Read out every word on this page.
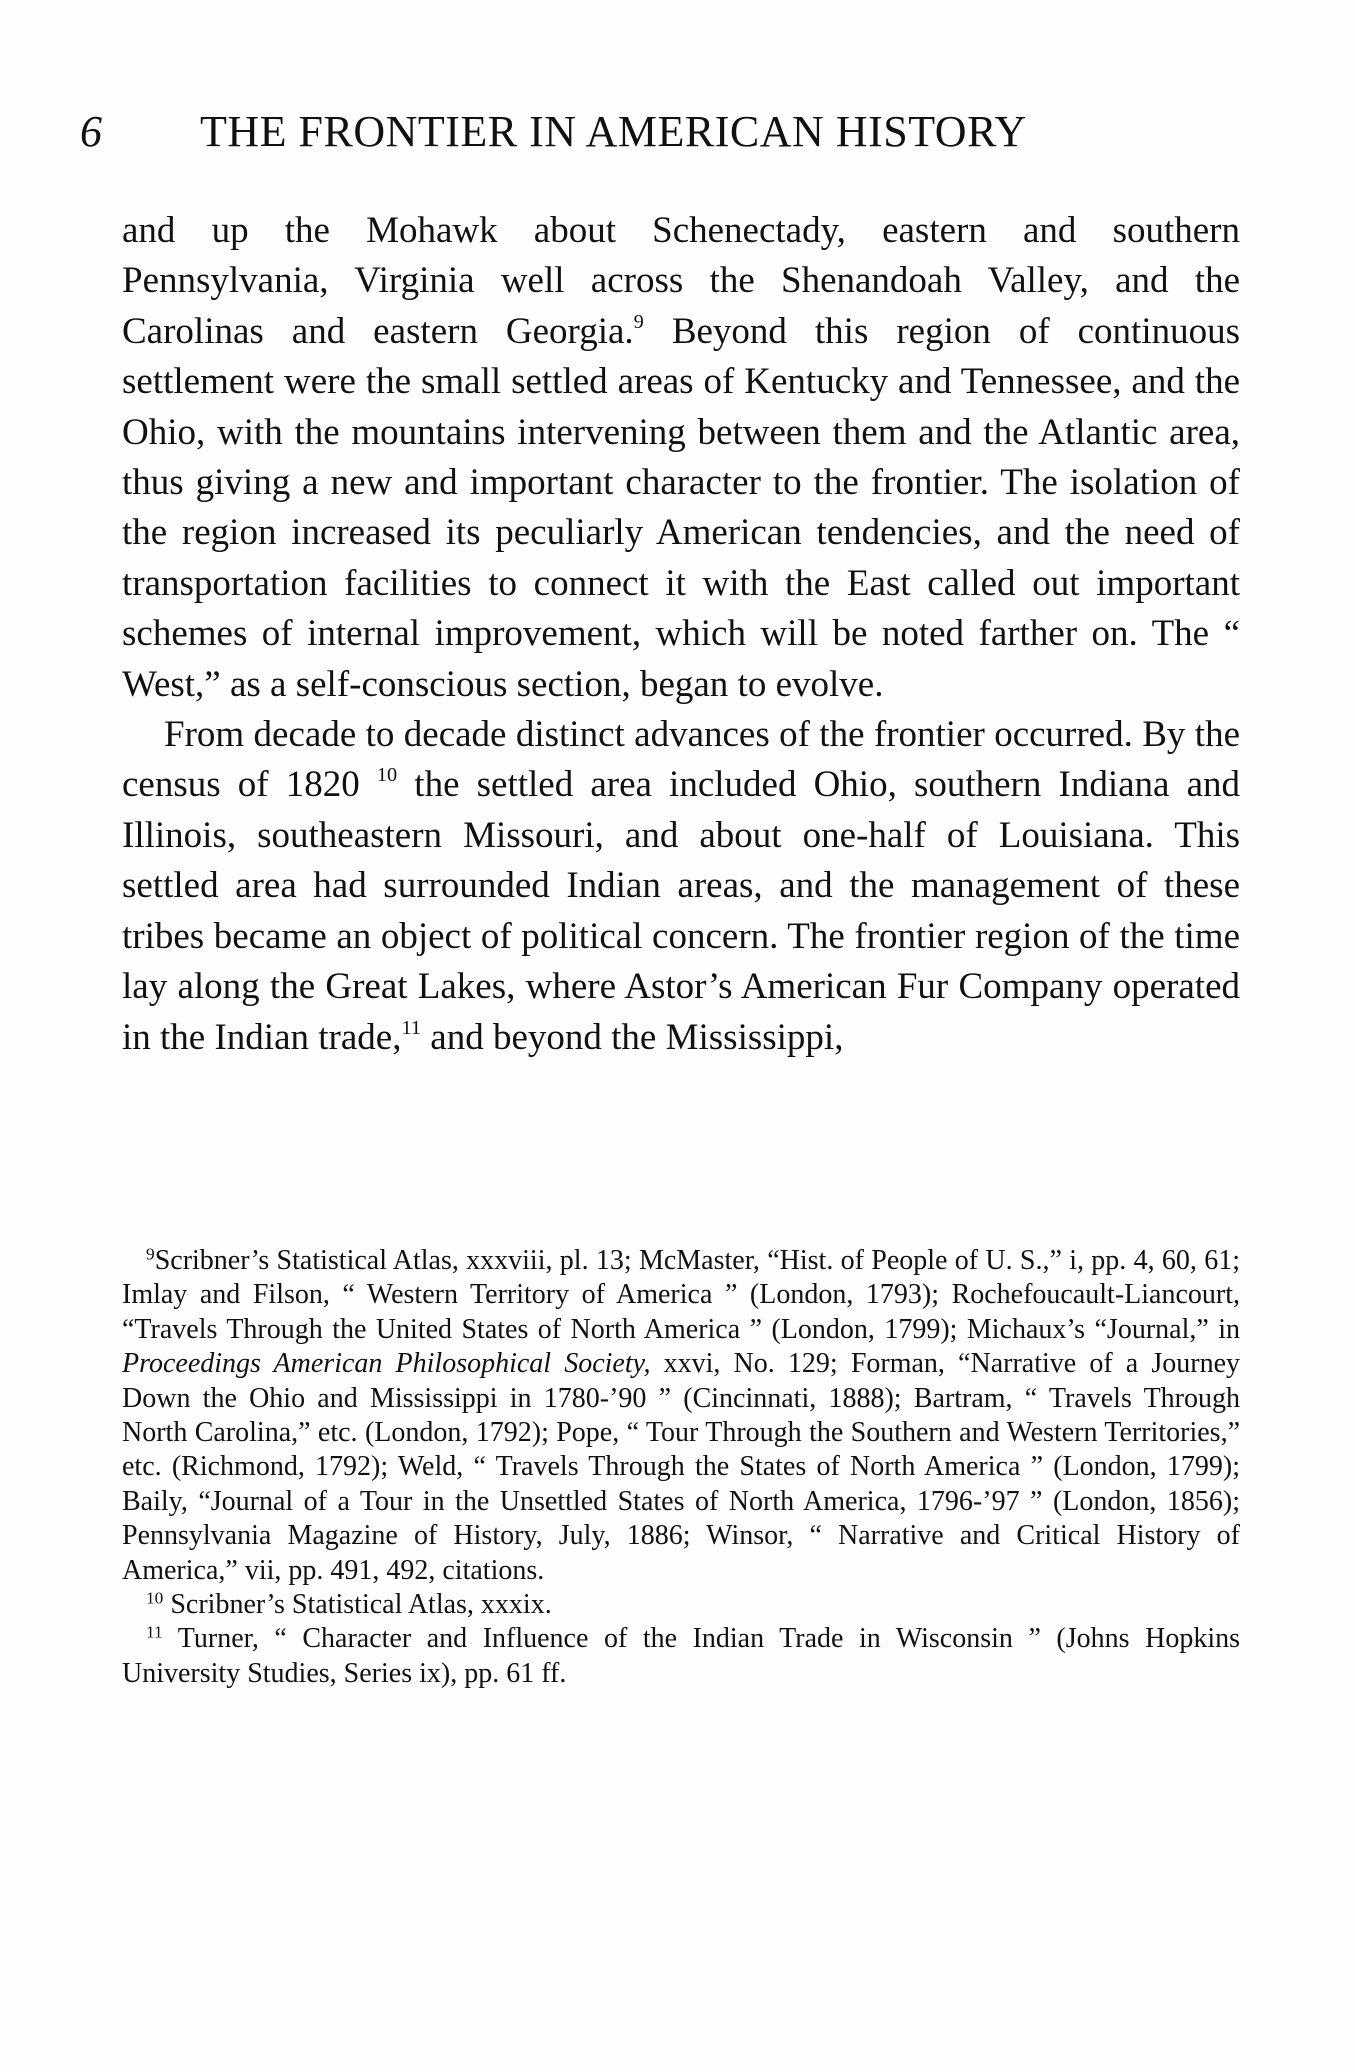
6 THE FRONTIER IN AMERICAN HISTORY

and up the Mohawk about Schenectady, eastern and southern Pennsylvania, Virginia well across the Shenandoah Valley, and the Carolinas and eastern Georgia.$^9$ Beyond this region of continuous settlement were the small settled areas of Kentucky and Tennessee, and the Ohio, with the mountains intervening between them and the Atlantic area, thus giving a new and important character to the frontier. The isolation of the region increased its peculiarly American tendencies, and the need of transportation facilities to connect it with the East called out important schemes of internal improvement, which will be noted farther on. The “ West,” as a self-conscious section, began to evolve.

From decade to decade distinct advances of the frontier occurred. By the census of 1820 $^{10}$ the settled area included Ohio, southern Indiana and Illinois, southeastern Missouri, and about one-half of Louisiana. This settled area had surrounded Indian areas, and the management of these tribes became an object of political concern. The frontier region of the time lay along the Great Lakes, where Astor’s American Fur Company operated in the Indian trade,$^{11}$ and beyond the Mississippi,

$^9$Scribner’s Statistical Atlas, xxxviii, pl. 13; McMaster, “Hist. of People of U. S.,” i, pp. 4, 60, 61; Imlay and Filson, “ Western Territory of America ” (London, 1793); Rochefoucault-Liancourt, “Travels Through the United States of North America ” (London, 1799); Michaux’s “Journal,” in Proceedings American Philosophical Society, xxvi, No. 129; Forman, “Narrative of a Journey Down the Ohio and Mississippi in 1780-’90 ” (Cincinnati, 1888); Bartram, “ Travels Through North Carolina,” etc. (London, 1792); Pope, “ Tour Through the Southern and Western Territories,” etc. (Richmond, 1792); Weld, “ Travels Through the States of North America ” (London, 1799); Baily, “Journal of a Tour in the Unsettled States of North America, 1796-’97 ” (London, 1856); Pennsylvania Magazine of History, July, 1886; Winsor, “ Narrative and Critical History of America,” vii, pp. 491, 492, citations.

$^{10}$ Scribner’s Statistical Atlas, xxxix.

$^{11}$ Turner, “ Character and Influence of the Indian Trade in Wisconsin ” (Johns Hopkins University Studies, Series ix), pp. 61 ff.
